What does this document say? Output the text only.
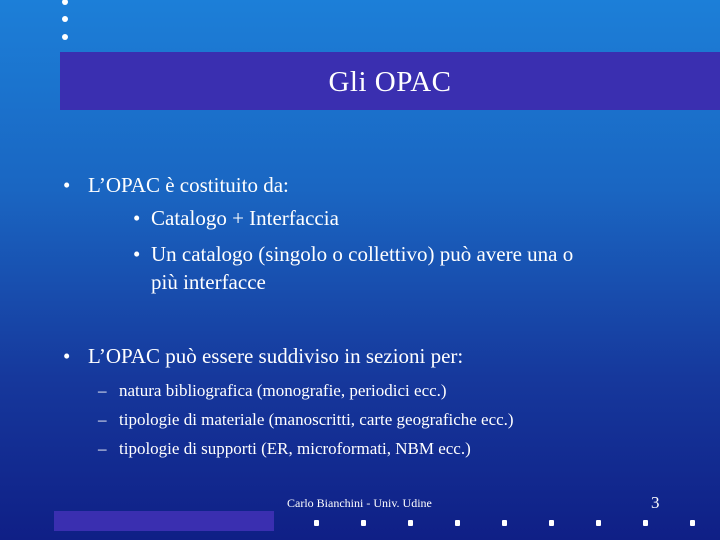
Gli OPAC
• L’OPAC è costituito da:
• Catalogo + Interfaccia
• Un catalogo (singolo o collettivo) può avere una o
più interfacce
• L’OPAC può essere suddiviso in sezioni per:
– natura bibliografica (monografie, periodici ecc.)
– tipologie di materiale (manoscritti, carte geografiche ecc.)
– tipologie di supporti (ER, microformati, NBM ecc.)
Carlo Bianchini - Univ. Udine	3
